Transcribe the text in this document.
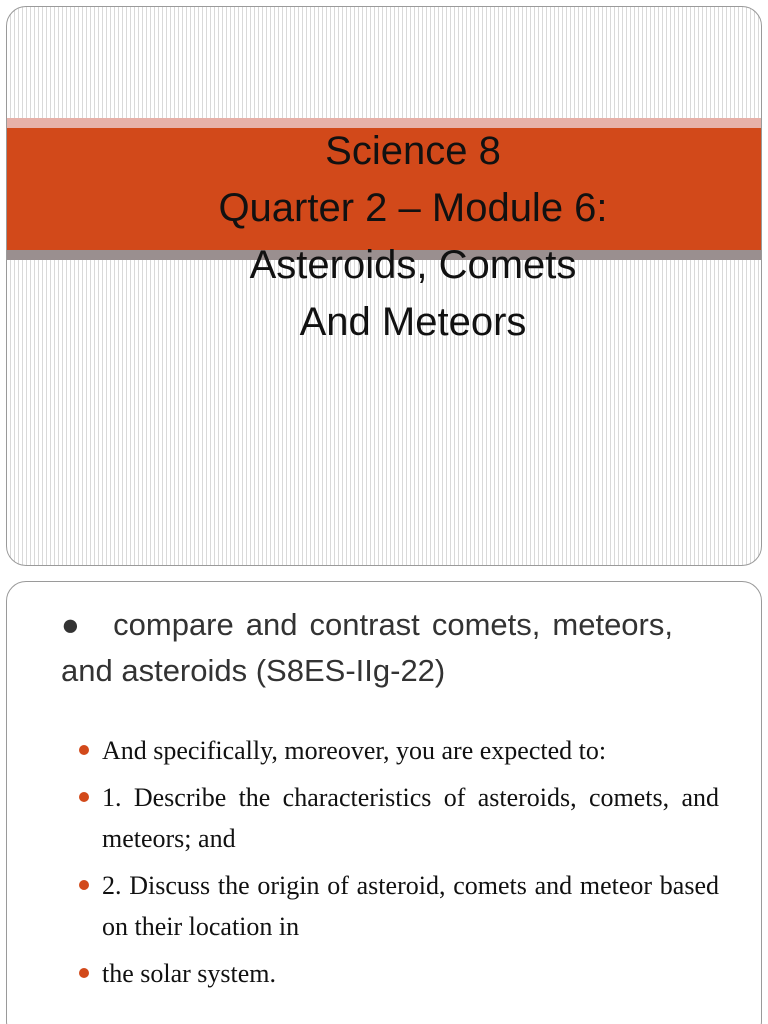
Science 8
Quarter 2 – Module 6:
Asteroids, Comets
And Meteors
● compare and contrast comets, meteors, and asteroids (S8ES-IIg-22)
And specifically, moreover, you are expected to:
1. Describe the characteristics of asteroids, comets, and meteors; and
2. Discuss the origin of asteroid, comets and meteor based on their location in
the solar system.
